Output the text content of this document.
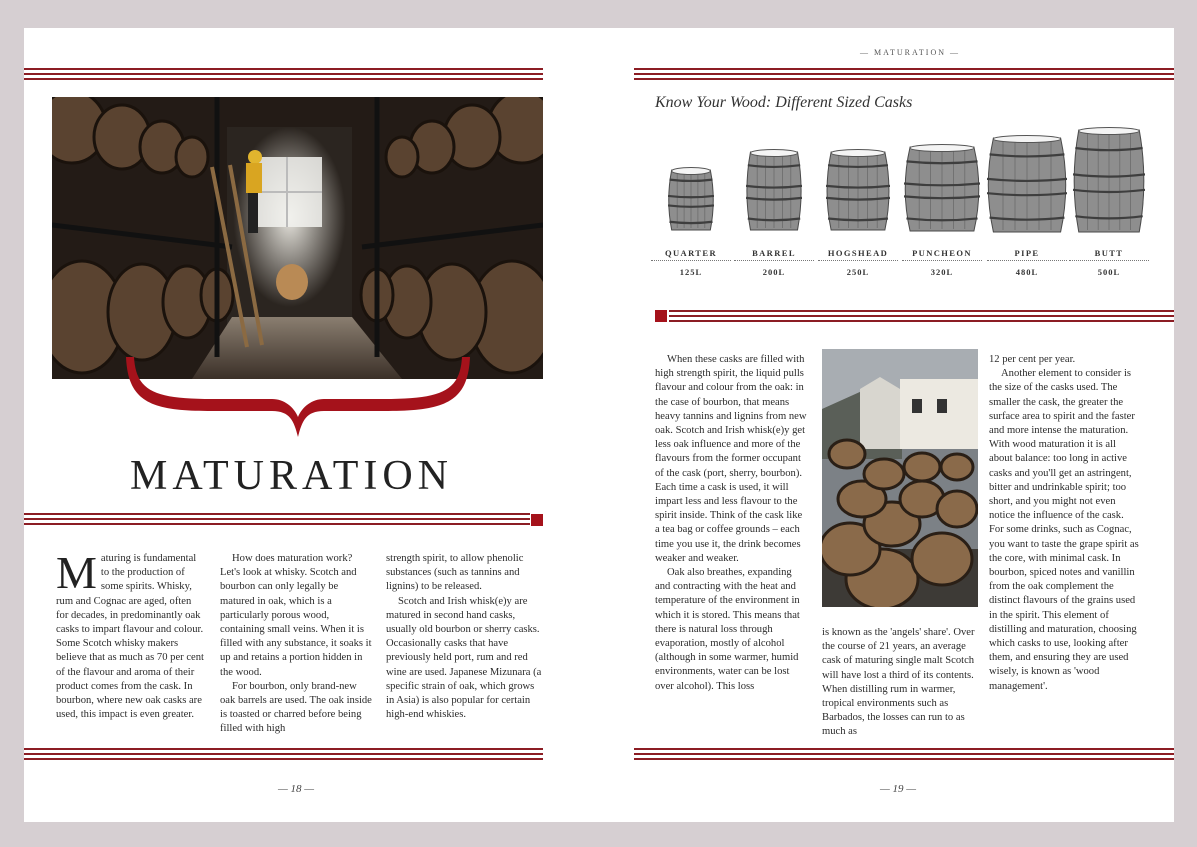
— MATURATION —
MATURATION
M aturing is fundamental to the production of some spirits. Whisky, rum and Cognac are aged, often for decades, in predominantly oak casks to impart flavour and colour. Some Scotch whisky makers believe that as much as 70 per cent of the flavour and aroma of their product comes from the cask. In bourbon, where new oak casks are used, this impact is even greater.

How does maturation work? Let's look at whisky. Scotch and bourbon can only legally be matured in oak, which is a particularly porous wood, containing small veins. When it is filled with any substance, it soaks it up and retains a portion hidden in the wood.

For bourbon, only brand-new oak barrels are used. The oak inside is toasted or charred before being filled with high

strength spirit, to allow phenolic substances (such as tannins and lignins) to be released.

Scotch and Irish whisk(e)y are matured in second hand casks, usually old bourbon or sherry casks. Occasionally casks that have previously held port, rum and red wine are used. Japanese Mizunara (a specific strain of oak, which grows in Asia) is also popular for certain high-end whiskies.

— 18 —	— 19 —
Know Your Wood: Different Sized Casks
QUARTER
125L
BARREL
200L
HOGSHEAD
250L
PUNCHEON
320L
PIPE
480L
BUTT
500L

When these casks are filled with high strength spirit, the liquid pulls flavour and colour from the oak: in the case of bourbon, that means heavy tannins and lignins from new oak. Scotch and Irish whisk(e)y get less oak influence and more of the flavours from the former occupant of the cask (port, sherry, bourbon). Each time a cask is used, it will impart less and less flavour to the spirit inside. Think of the cask like a tea bag or coffee grounds – each time you use it, the drink becomes weaker and weaker.

Oak also breathes, expanding and contracting with the heat and temperature of the environment in which it is stored. This means that there is natural loss through evaporation, mostly of alcohol (although in some warmer, humid environments, water can be lost over alcohol). This loss

is known as the 'angels' share'. Over the course of 21 years, an average cask of maturing single malt Scotch will have lost a third of its contents. When distilling rum in warmer, tropical environments such as Barbados, the losses can run to as much as

12 per cent per year.

Another element to consider is the size of the casks used. The smaller the cask, the greater the surface area to spirit and the faster and more intense the maturation. With wood maturation it is all about balance: too long in active casks and you'll get an astringent, bitter and undrinkable spirit; too short, and you might not even notice the influence of the cask. For some drinks, such as Cognac, you want to taste the grape spirit as the core, with minimal cask. In bourbon, spiced notes and vanillin from the oak complement the distinct flavours of the grains used in the spirit. This element of distilling and maturation, choosing which casks to use, looking after them, and ensuring they are used wisely, is known as 'wood management'.
